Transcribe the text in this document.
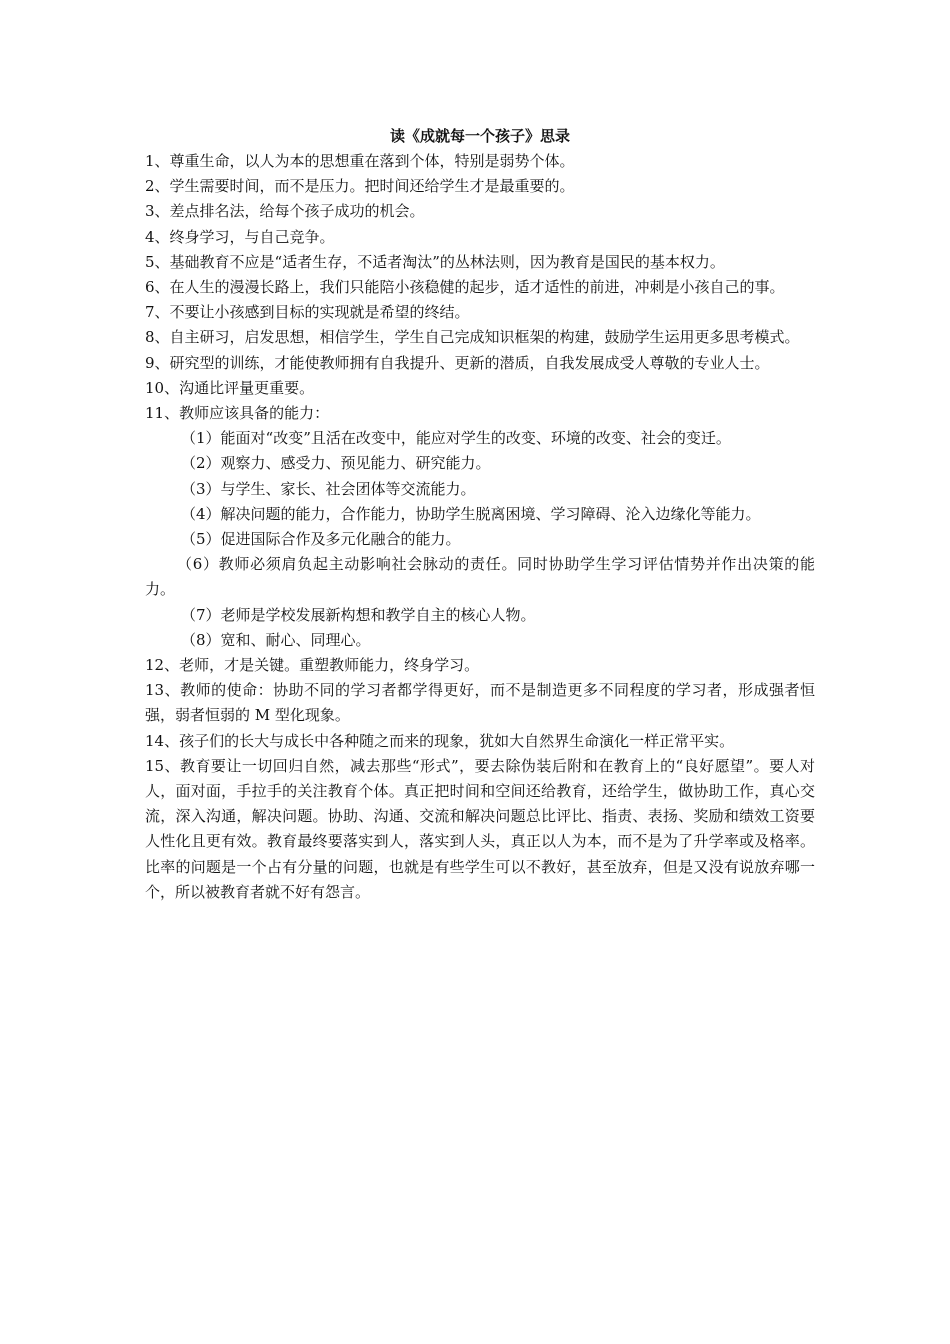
读《成就每一个孩子》思录

1、尊重生命，以人为本的思想重在落到个体，特别是弱势个体。

2、学生需要时间，而不是压力。把时间还给学生才是最重要的。

3、差点排名法，给每个孩子成功的机会。

4、终身学习，与自己竞争。

5、基础教育不应是“适者生存，不适者淘汰”的丛林法则，因为教育是国民的基本权力。

6、在人生的漫漫长路上，我们只能陪小孩稳健的起步，适才适性的前进，冲刺是小孩自己的事。

7、不要让小孩感到目标的实现就是希望的终结。

8、自主研习，启发思想，相信学生，学生自己完成知识框架的构建，鼓励学生运用更多思考模式。

9、研究型的训练，才能使教师拥有自我提升、更新的潜质，自我发展成受人尊敬的专业人士。

10、沟通比评量更重要。

11、教师应该具备的能力：

（1）能面对“改变”且活在改变中，能应对学生的改变、环境的改变、社会的变迁。

（2）观察力、感受力、预见能力、研究能力。

（3）与学生、家长、社会团体等交流能力。

（4）解决问题的能力，合作能力，协助学生脱离困境、学习障碍、沦入边缘化等能力。

（5）促进国际合作及多元化融合的能力。

（6）教师必须肩负起主动影响社会脉动的责任。同时协助学生学习评估情势并作出决策的能力。

（7）老师是学校发展新构想和教学自主的核心人物。

（8）宽和、耐心、同理心。

12、老师，才是关键。重塑教师能力，终身学习。

13、教师的使命：协助不同的学习者都学得更好，而不是制造更多不同程度的学习者，形成强者恒强，弱者恒弱的 M 型化现象。

14、孩子们的长大与成长中各种随之而来的现象，犹如大自然界生命演化一样正常平实。

15、教育要让一切回归自然，减去那些“形式”，要去除伪装后附和在教育上的“良好愿望”。要人对人，面对面，手拉手的关注教育个体。真正把时间和空间还给教育，还给学生，做协助工作，真心交流，深入沟通，解决问题。协助、沟通、交流和解决问题总比评比、指责、表扬、奖励和绩效工资要人性化且更有效。教育最终要落实到人，落实到人头，真正以人为本，而不是为了升学率或及格率。比率的问题是一个占有分量的问题，也就是有些学生可以不教好，甚至放弃，但是又没有说放弃哪一个，所以被教育者就不好有怨言。
